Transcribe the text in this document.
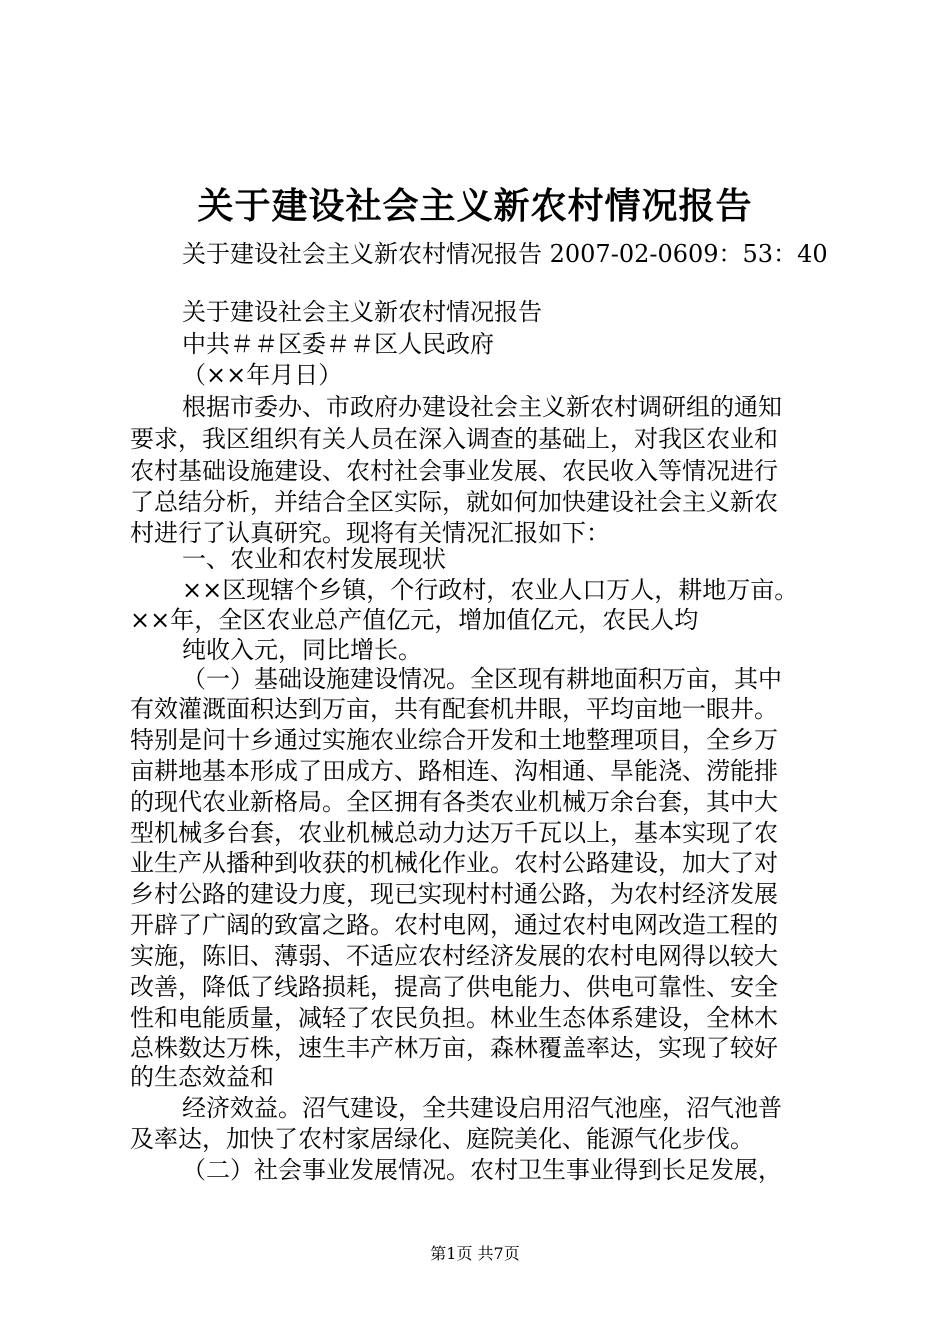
关于建设社会主义新农村情况报告
关于建设社会主义新农村情况报告 2007-02-0609：53：40
关于建设社会主义新农村情况报告
中共＃＃区委＃＃区人民政府
（××年月日）
根据市委办、市政府办建设社会主义新农村调研组的通知
要求，我区组织有关人员在深入调查的基础上，对我区农业和
农村基础设施建设、农村社会事业发展、农民收入等情况进行
了总结分析，并结合全区实际，就如何加快建设社会主义新农
村进行了认真研究。现将有关情况汇报如下：
一、农业和农村发展现状
××区现辖个乡镇，个行政村，农业人口万人，耕地万亩。
××年，全区农业总产值亿元，增加值亿元，农民人均
纯收入元，同比增长。
（一）基础设施建设情况。全区现有耕地面积万亩，其中
有效灌溉面积达到万亩，共有配套机井眼，平均亩地一眼井。
特别是问十乡通过实施农业综合开发和土地整理项目，全乡万
亩耕地基本形成了田成方、路相连、沟相通、旱能浇、涝能排
的现代农业新格局。全区拥有各类农业机械万余台套，其中大
型机械多台套，农业机械总动力达万千瓦以上，基本实现了农
业生产从播种到收获的机械化作业。农村公路建设，加大了对
乡村公路的建设力度，现已实现村村通公路，为农村经济发展
开辟了广阔的致富之路。农村电网，通过农村电网改造工程的
实施，陈旧、薄弱、不适应农村经济发展的农村电网得以较大
改善，降低了线路损耗，提高了供电能力、供电可靠性、安全
性和电能质量，减轻了农民负担。林业生态体系建设，全林木
总株数达万株，速生丰产林万亩，森林覆盖率达，实现了较好
的生态效益和
经济效益。沼气建设，全共建设启用沼气池座，沼气池普
及率达，加快了农村家居绿化、庭院美化、能源气化步伐。
（二）社会事业发展情况。农村卫生事业得到长足发展，
第1页 共7页
